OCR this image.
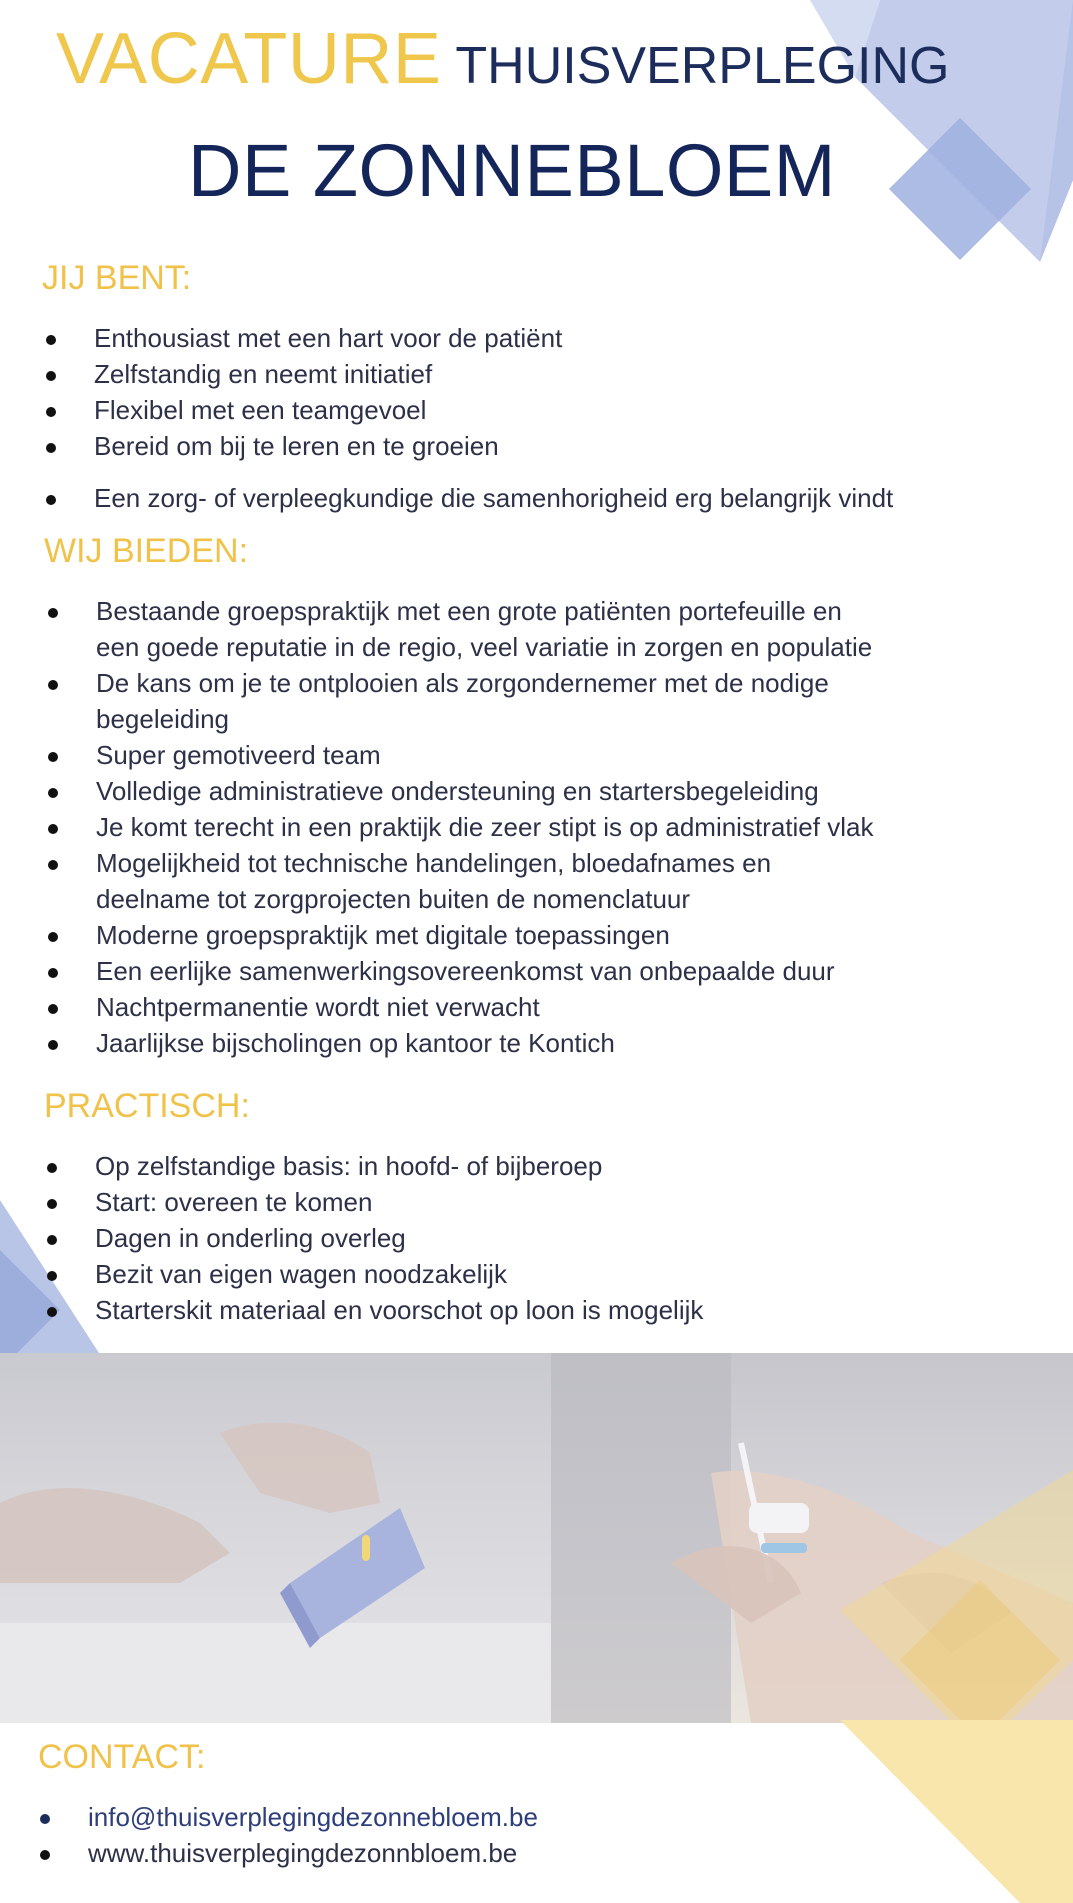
VACATURE THUISVERPLEGING
DE ZONNEBLOEM
JIJ BENT:
Enthousiast met een hart voor de patiënt
Zelfstandig en neemt initiatief
Flexibel met een teamgevoel
Bereid om bij te leren en te groeien
Een zorg- of verpleegkundige die samenhorigheid erg belangrijk vindt
WIJ BIEDEN:
Bestaande groepspraktijk met een grote patiënten portefeuille en
een goede reputatie in de regio, veel variatie in zorgen en populatie
De kans om je te ontplooien als zorgondernemer met de nodige
begeleiding
Super gemotiveerd team
Volledige administratieve ondersteuning en startersbegeleiding
Je komt terecht in een praktijk die zeer stipt is op administratief vlak
Mogelijkheid tot technische handelingen, bloedafnames en
deelname tot zorgprojecten buiten de nomenclatuur
Moderne groepspraktijk met digitale toepassingen
Een eerlijke samenwerkingsovereenkomst van onbepaalde duur
Nachtpermanentie wordt niet verwacht
Jaarlijkse bijscholingen op kantoor te Kontich
PRACTISCH:
Op zelfstandige basis: in hoofd- of bijberoep
Start: overeen te komen
Dagen in onderling overleg
Bezit van eigen wagen noodzakelijk
Starterskit materiaal en voorschot op loon is mogelijk
CONTACT:
info@thuisverplegingdezonnebloem.be
www.thuisverplegingdezonnbloem.be
